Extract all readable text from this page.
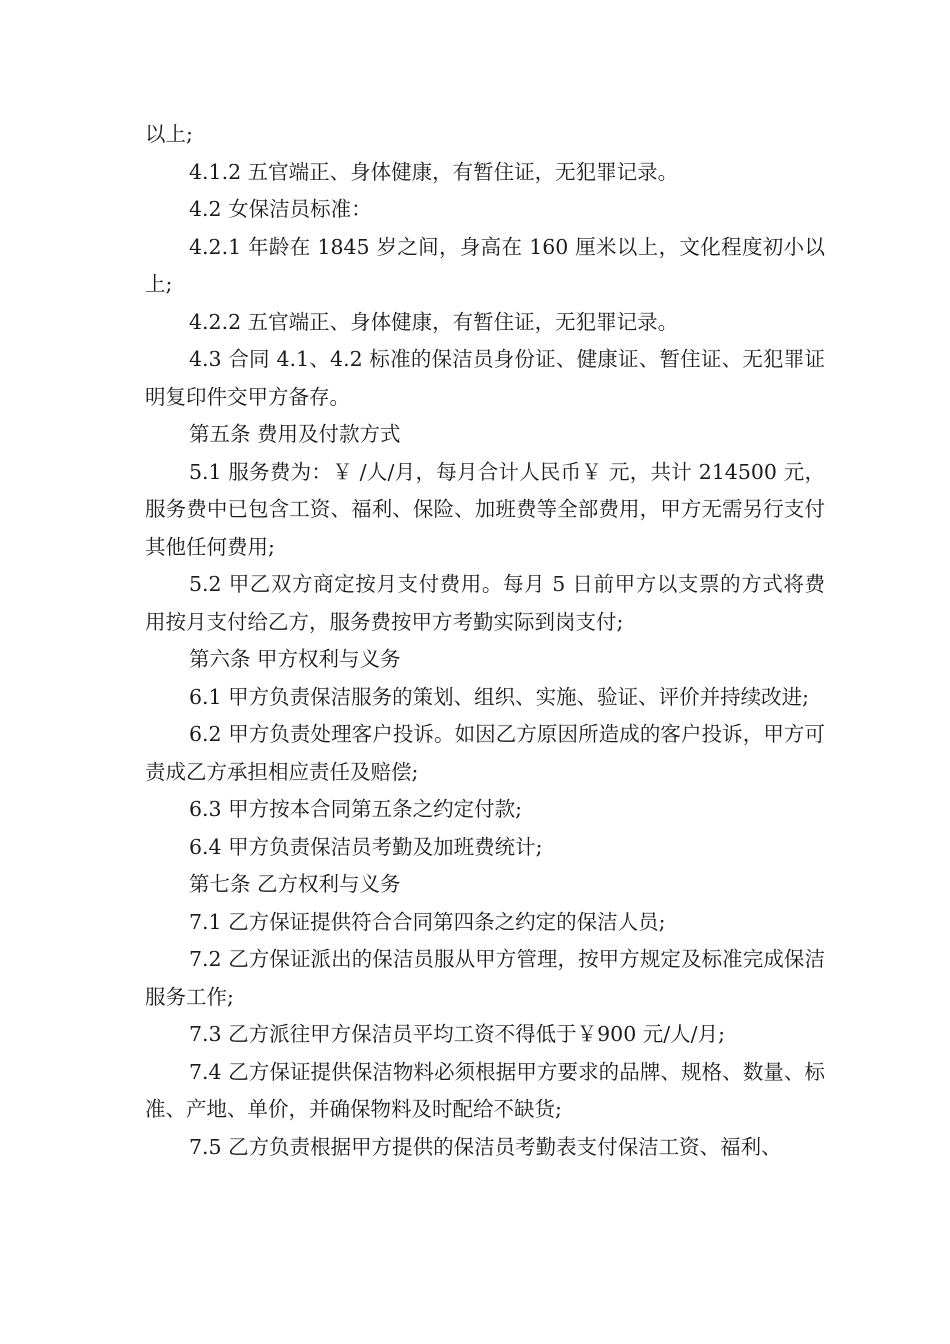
以上;

4.1.2 五官端正、身体健康，有暂住证，无犯罪记录。

4.2 女保洁员标准：

4.2.1 年龄在 1845 岁之间，身高在 160 厘米以上，文化程度初小以上;

4.2.2 五官端正、身体健康，有暂住证，无犯罪记录。

4.3 合同 4.1、4.2 标准的保洁员身份证、健康证、暂住证、无犯罪证明复印件交甲方备存。

第五条 费用及付款方式

5.1 服务费为：￥ /人/月，每月合计人民币￥ 元，共计 214500 元，服务费中已包含工资、福利、保险、加班费等全部费用，甲方无需另行支付其他任何费用;

5.2 甲乙双方商定按月支付费用。每月 5 日前甲方以支票的方式将费 用按月支付给乙方，服务费按甲方考勤实际到岗支付;

第六条 甲方权利与义务

6.1 甲方负责保洁服务的策划、组织、实施、验证、评价并持续改进;

6.2 甲方负责处理客户投诉。如因乙方原因所造成的客户投诉，甲方可责成乙方承担相应责任及赔偿;

6.3 甲方按本合同第五条之约定付款;

6.4 甲方负责保洁员考勤及加班费统计;

第七条 乙方权利与义务

7.1 乙方保证提供符合合同第四条之约定的保洁人员;

7.2 乙方保证派出的保洁员服从甲方管理，按甲方规定及标准完成保洁服务工作;

7.3 乙方派往甲方保洁员平均工资不得低于￥900 元/人/月;

7.4 乙方保证提供保洁物料必须根据甲方要求的品牌、规格、数量、标准、产地、单价，并确保物料及时配给不缺货;

7.5 乙方负责根据甲方提供的保洁员考勤表支付保洁工资、福利、
